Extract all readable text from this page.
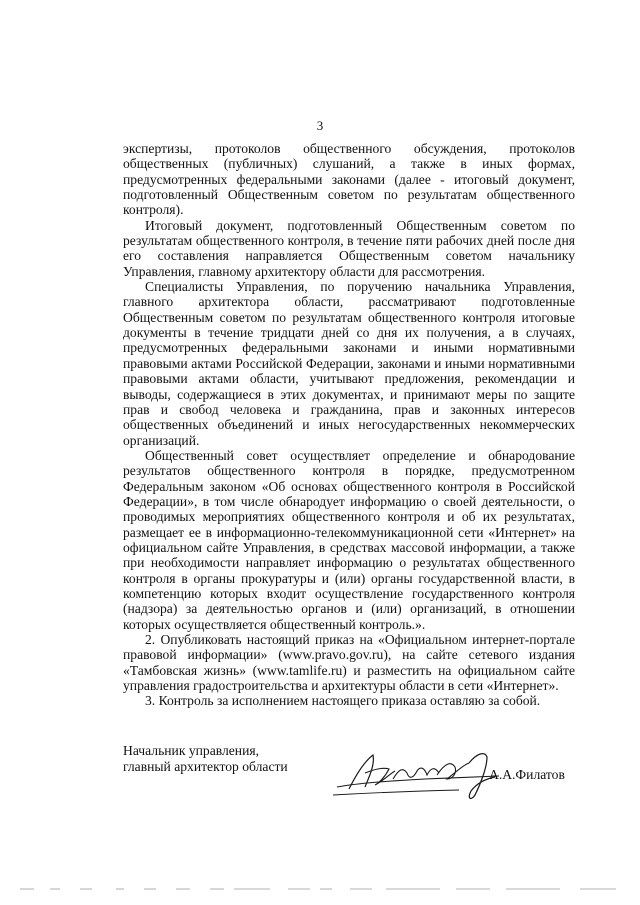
3

экспертизы, протоколов общественного обсуждения, протоколов общественных (публичных) слушаний, а также в иных формах, предусмотренных федеральными законами (далее - итоговый документ, подготовленный Общественным советом по результатам общественного контроля).

Итоговый документ, подготовленный Общественным советом по результатам общественного контроля, в течение пяти рабочих дней после дня его составления направляется Общественным советом начальнику Управления, главному архитектору области для рассмотрения.

Специалисты Управления, по поручению начальника Управления, главного архитектора области, рассматривают подготовленные Общественным советом по результатам общественного контроля итоговые документы в течение тридцати дней со дня их получения, а в случаях, предусмотренных федеральными законами и иными нормативными правовыми актами Российской Федерации, законами и иными нормативными правовыми актами области, учитывают предложения, рекомендации и выводы, содержащиеся в этих документах, и принимают меры по защите прав и свобод человека и гражданина, прав и законных интересов общественных объединений и иных негосударственных некоммерческих организаций.

Общественный совет осуществляет определение и обнародование результатов общественного контроля в порядке, предусмотренном Федеральным законом «Об основах общественного контроля в Российской Федерации», в том числе обнародует информацию о своей деятельности, о проводимых мероприятиях общественного контроля и об их результатах, размещает ее в информационно-телекоммуникационной сети «Интернет» на официальном сайте Управления, в средствах массовой информации, а также при необходимости направляет информацию о результатах общественного контроля в органы прокуратуры и (или) органы государственной власти, в компетенцию которых входит осуществление государственного контроля (надзора) за деятельностью органов и (или) организаций, в отношении которых осуществляется общественный контроль.».

2. Опубликовать настоящий приказ на «Официальном интернет-портале правовой информации» (www.pravo.gov.ru), на сайте сетевого издания «Тамбовская жизнь» (www.tamlife.ru) и разместить на официальном сайте управления градостроительства и архитектуры области в сети «Интернет».

3. Контроль за исполнением настоящего приказа оставляю за собой.

Начальник управления,
главный архитектор области
А.А.Филатов
